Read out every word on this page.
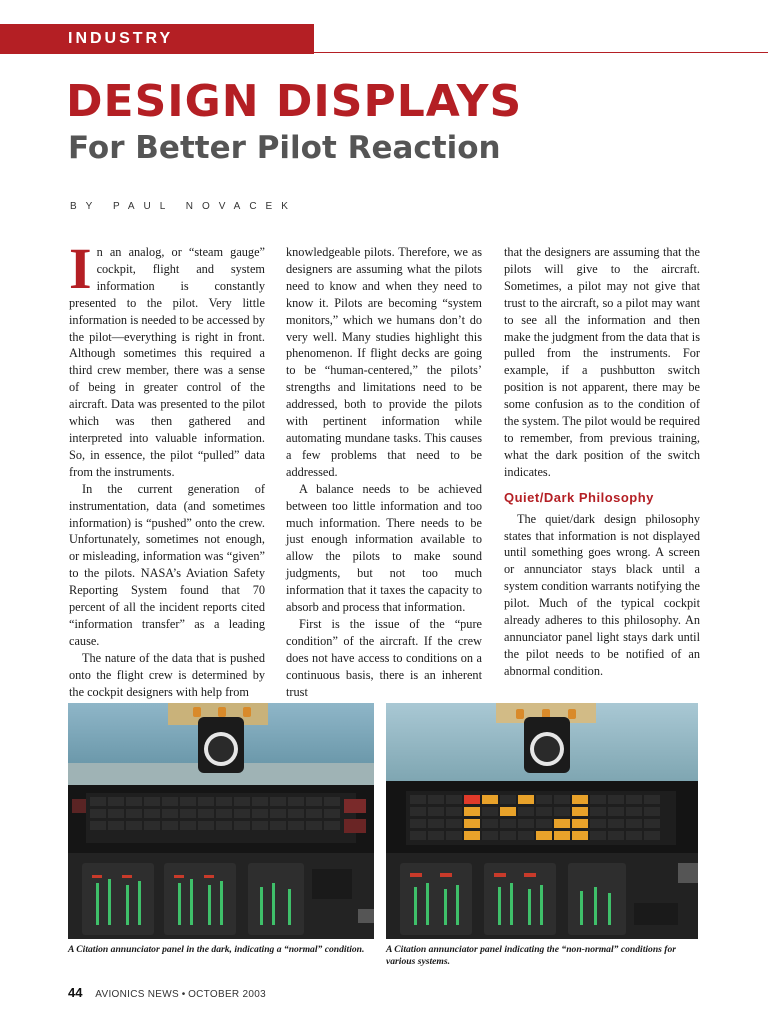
INDUSTRY
DESIGN DISPLAYS
For Better Pilot Reaction
BY PAUL NOVACEK

In an analog, or “steam gauge” cockpit, flight and system information is constantly presented to the pilot. Very little information is needed to be accessed by the pilot—everything is right in front. Although sometimes this required a third crew member, there was a sense of being in greater control of the aircraft. Data was presented to the pilot which was then gathered and interpreted into valuable information. So, in essence, the pilot “pulled” data from the instruments.

In the current generation of instrumentation, data (and sometimes information) is “pushed” onto the crew. Unfortunately, sometimes not enough, or misleading, information was “given” to the pilots. NASA’s Aviation Safety Reporting System found that 70 percent of all the incident reports cited “information transfer” as a leading cause.

The nature of the data that is pushed onto the flight crew is determined by the cockpit designers with help from

knowledgeable pilots. Therefore, we as designers are assuming what the pilots need to know and when they need to know it. Pilots are becoming “system monitors,” which we humans don’t do very well. Many studies highlight this phenomenon. If flight decks are going to be “human-centered,” the pilots’ strengths and limitations need to be addressed, both to provide the pilots with pertinent information while automating mundane tasks. This causes a few problems that need to be addressed.

A balance needs to be achieved between too little information and too much information. There needs to be just enough information available to allow the pilots to make sound judgments, but not too much information that it taxes the capacity to absorb and process that information.

First is the issue of the “pure condition” of the aircraft. If the crew does not have access to conditions on a continuous basis, there is an inherent trust

that the designers are assuming that the pilots will give to the aircraft. Sometimes, a pilot may not give that trust to the aircraft, so a pilot may want to see all the information and then make the judgment from the data that is pulled from the instruments. For example, if a pushbutton switch position is not apparent, there may be some confusion as to the condition of the system. The pilot would be required to remember, from previous training, what the dark position of the switch indicates.

Quiet/Dark Philosophy

The quiet/dark design philosophy states that information is not displayed until something goes wrong. A screen or annunciator stays black until a system condition warrants notifying the pilot. Much of the typical cockpit already adheres to this philosophy. An annunciator panel light stays dark until the pilot needs to be notified of an abnormal condition.

A Citation annunciator panel in the dark, indicating a “normal” condition.	A Citation annunciator panel indicating the “non-normal” conditions for various systems.
44 AVIONICS NEWS • OCTOBER 2003
